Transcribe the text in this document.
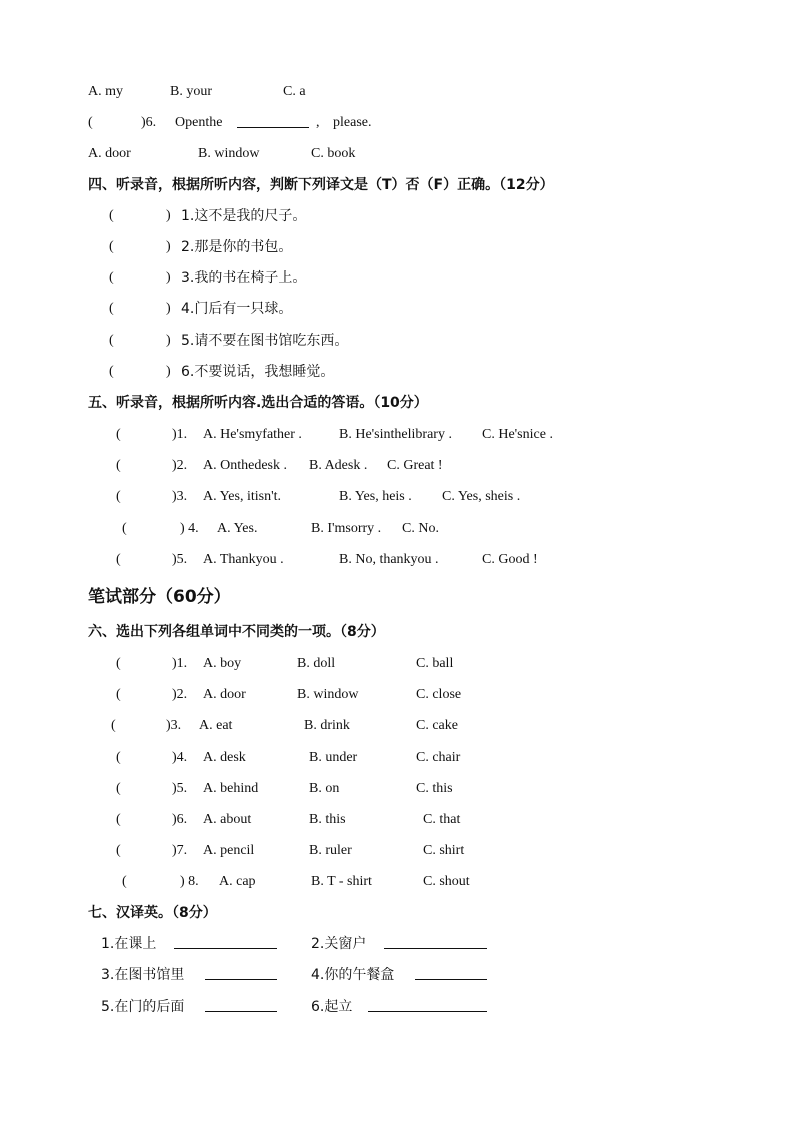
A. my	B. your	C. a
(	)6. Openthe	, please.
A. door	B. window	C. book
四、听录音，根据所听内容，判断下列译文是（T）否（F）正确。（12分）
(	) 1.这不是我的尺子。
(	) 2.那是你的书包。
(	) 3.我的书在椅子上。
(	) 4.门后有一只球。
(	) 5.请不要在图书馆吃东西。
(	) 6.不要说话，我想睡觉。
五、听录音，根据所听内容.选出合适的答语。（10分）
(	)1. A. He'smyfather .	B. He'sinthelibrary . C. He'snice .
(	)2. A. Onthedesk . B. Adesk . C. Great !
(	)3. A. Yes, itisn't.	B. Yes, heis . C. Yes, sheis .
(	) 4. A. Yes.	B. I'msorry . C. No.
(	)5. A. Thankyou .	B. No, thankyou .	C. Good !
笔试部分（60分）
六、选出下列各组单词中不同类的一项。（8分）
(	)1. A. boy	B. doll	C. ball
(	)2. A. door	B. window	C. close
(	)3. A. eat	B. drink	C. cake
(	)4. A. desk	B. under	C. chair
(	)5. A. behind	B. on	C. this
(	)6. A. about	B. this	C. that
(	)7. A. pencil	B. ruler	C. shirt
(	) 8. A. cap	B. T - shirt	C. shout
七、汉译英。（8分）
1.在课上	2.关窗户
3.在图书馆里	4.你的午餐盒
5.在门的后面	6.起立
